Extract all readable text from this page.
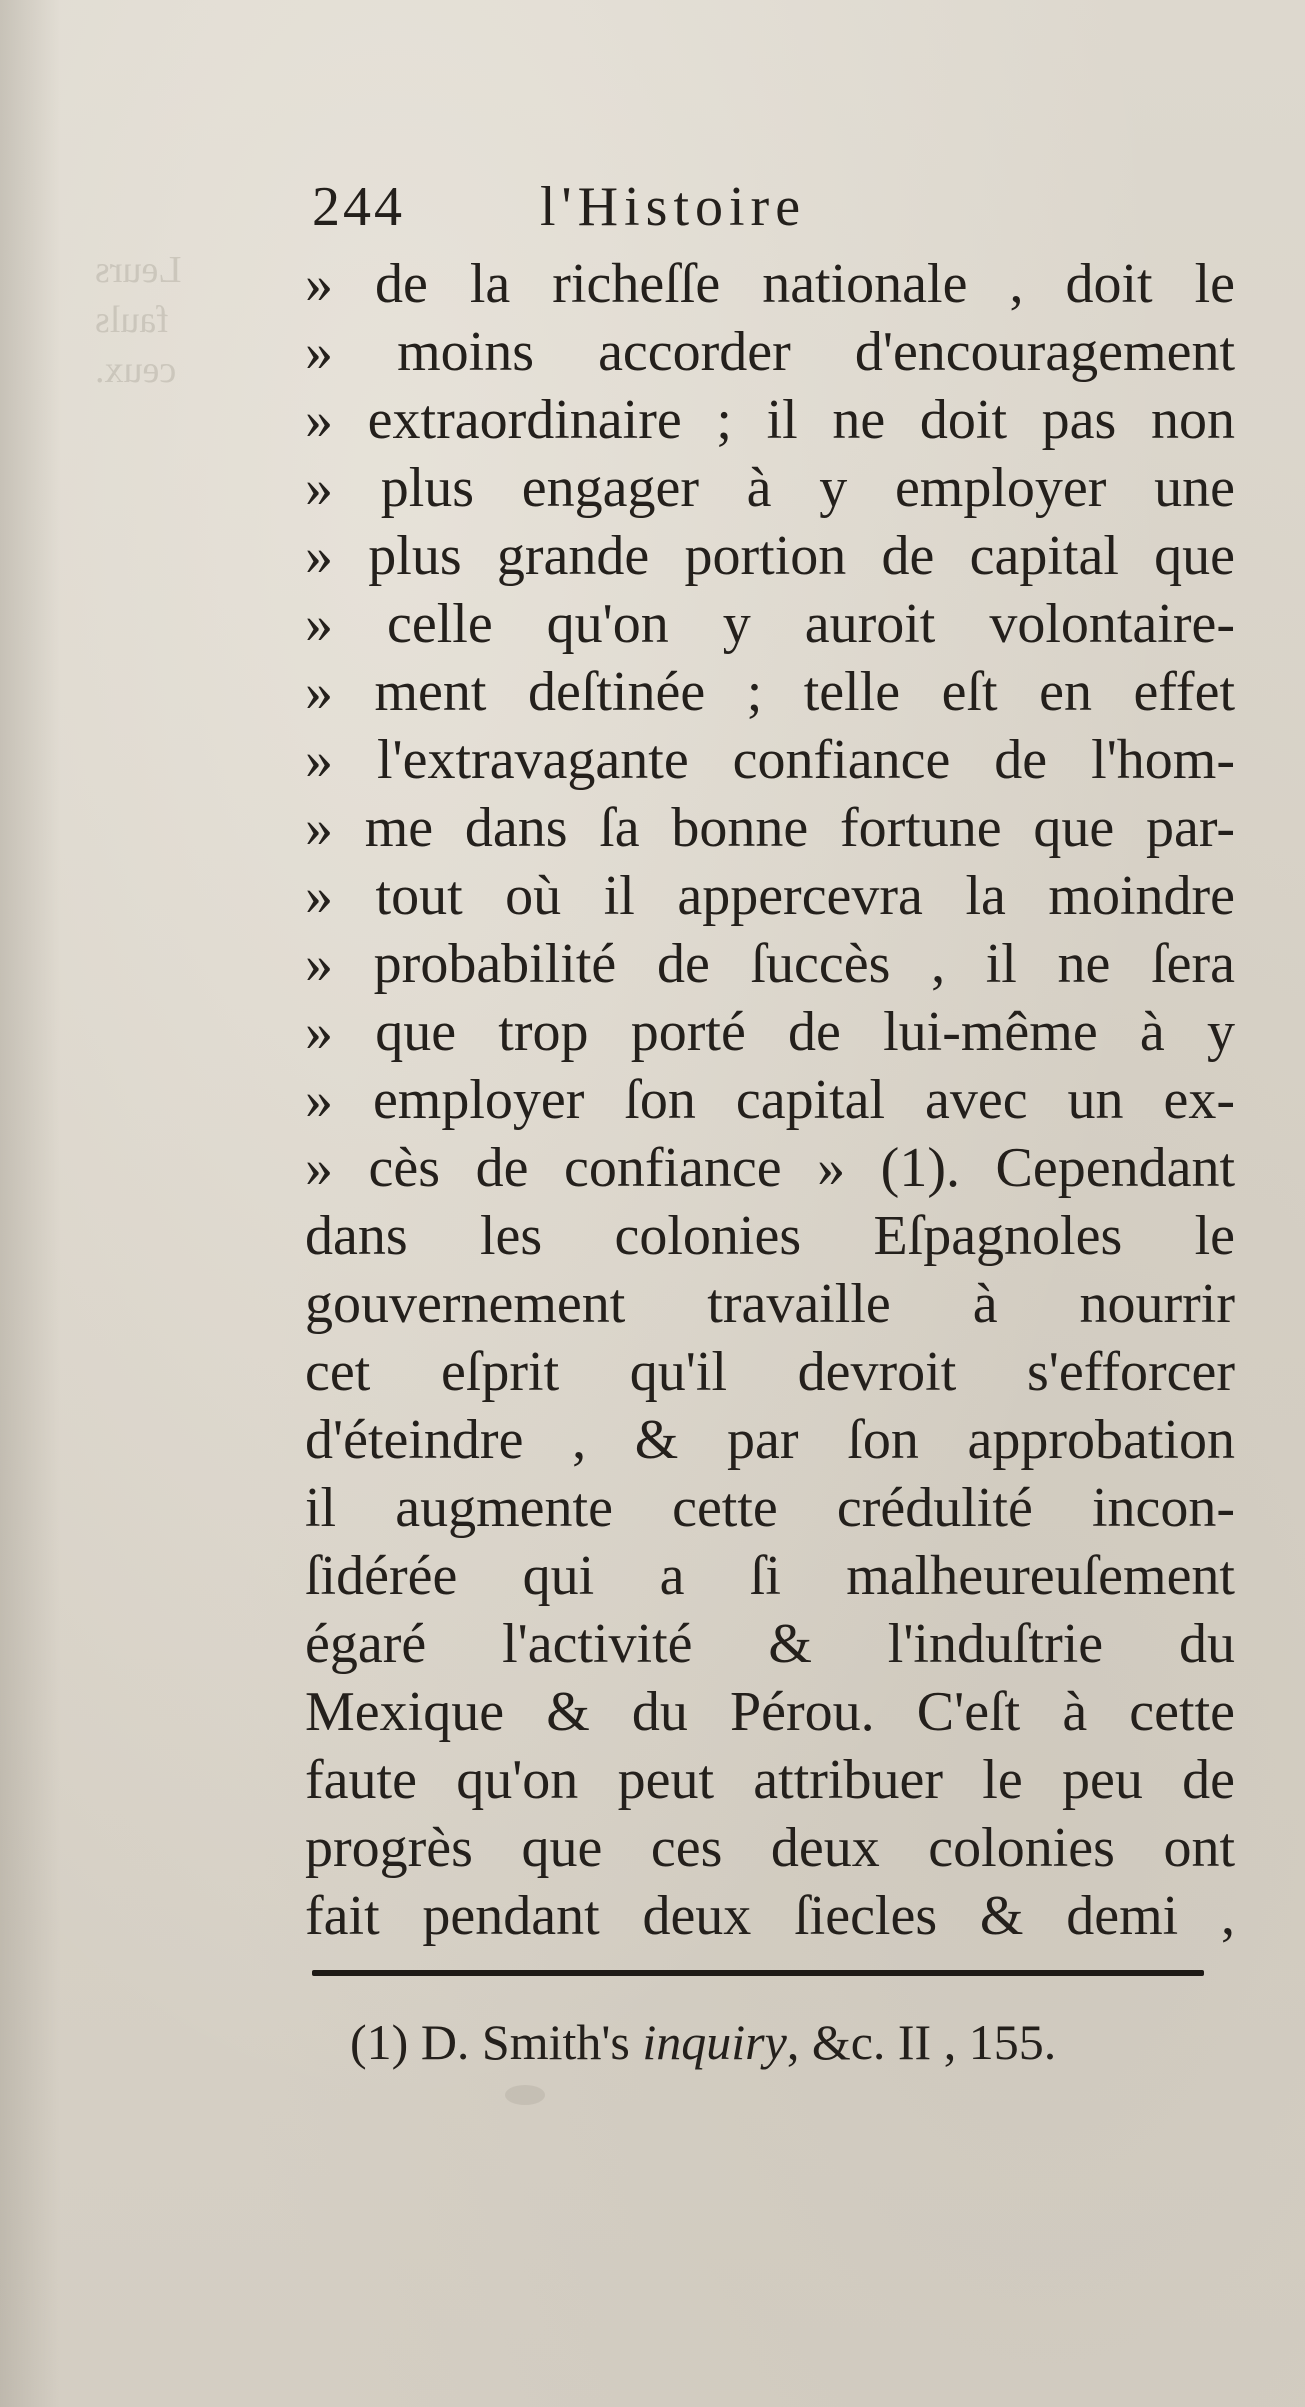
Leurs
fauls
ceux.
244 l'Histoire
» de la richeſſe nationale , doit le
» moins accorder d'encouragement
» extraordinaire ; il ne doit pas non
» plus engager à y employer une
» plus grande portion de capital que
» celle qu'on y auroit volontaire-
» ment deſtinée ; telle eſt en effet
» l'extravagante confiance de l'hom-
» me dans ſa bonne fortune que par-
» tout où il appercevra la moindre
» probabilité de ſuccès , il ne ſera
» que trop porté de lui-même à y
» employer ſon capital avec un ex-
» cès de confiance » (1). Cependant
dans les colonies Eſpagnoles le
gouvernement travaille à nourrir
cet eſprit qu'il devroit s'efforcer
d'éteindre , & par ſon approbation
il augmente cette crédulité incon-
ſidérée qui a ſi malheureuſement
égaré l'activité & l'induſtrie du
Mexique & du Pérou. C'eſt à cette
faute qu'on peut attribuer le peu de
progrès que ces deux colonies ont
fait pendant deux ſiecles & demi ,
(1) D. Smith's inquiry, &c. II , 155.
